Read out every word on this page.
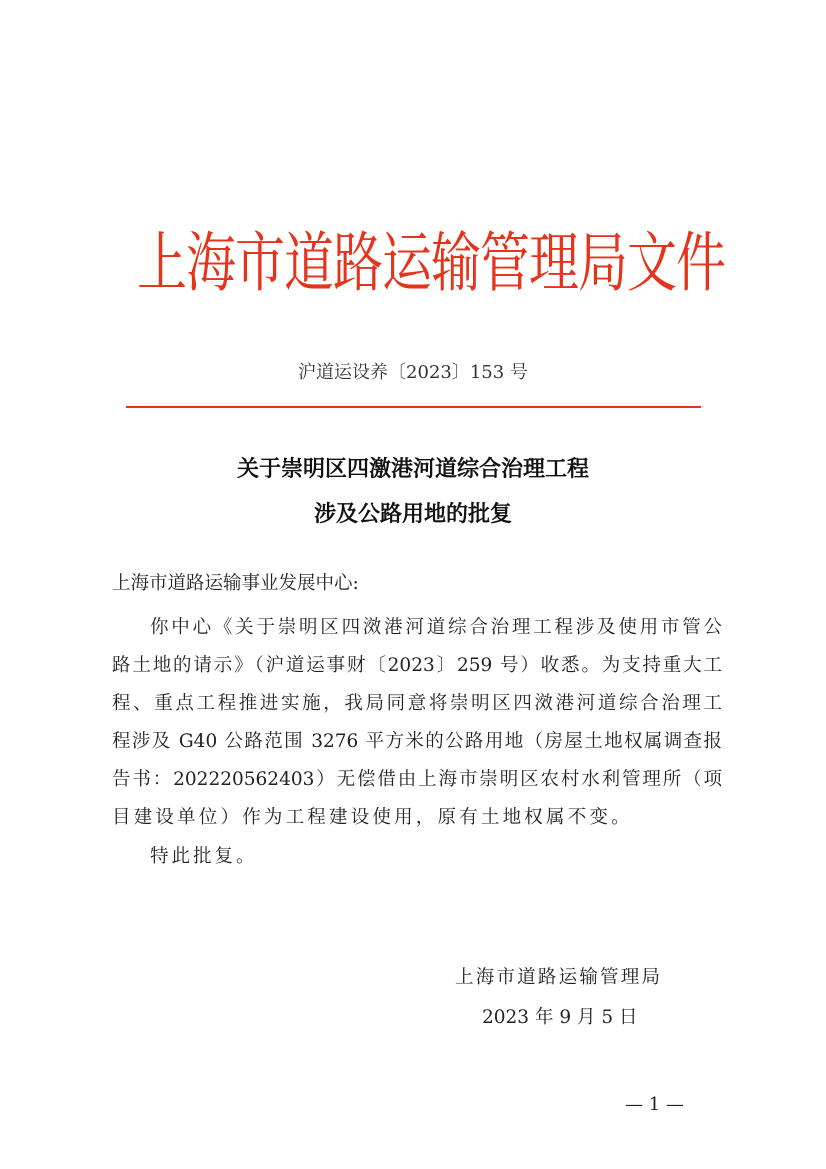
上海市道路运输管理局文件
沪道运设养〔2023〕153 号
关于崇明区四激港河道综合治理工程
涉及公路用地的批复
上海市道路运输事业发展中心:
你中心《关于崇明区四滧港河道综合治理工程涉及使用市管公
路土地的请示》（沪道运事财〔2023〕259 号）收悉。为支持重大工
程、重点工程推进实施，我局同意将崇明区四滧港河道综合治理工
程涉及 G40 公路范围 3276 平方米的公路用地（房屋土地权属调查报
告书：202220562403）无偿借由上海市崇明区农村水利管理所（项
目建设单位）作为工程建设使用，原有土地权属不变。
特此批复。
上海市道路运输管理局
2023 年 9 月 5 日
— 1 —
